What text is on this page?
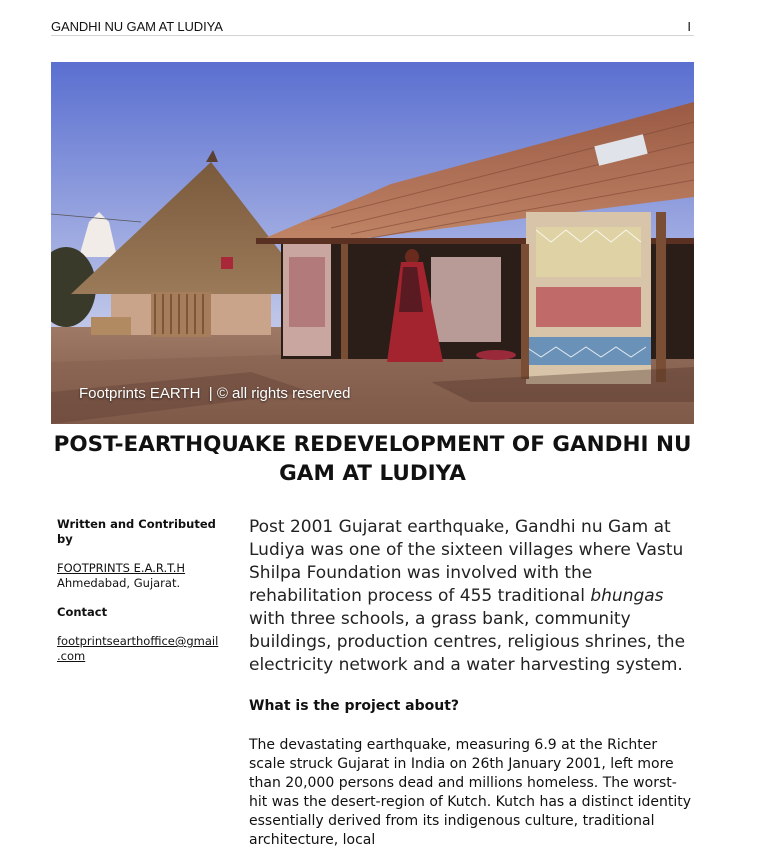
GANDHI NU GAM AT LUDIYA	I
Footprints EARTH  | © all rights reserved
POST-EARTHQUAKE REDEVELOPMENT OF GANDHI NU GAM AT LUDIYA
Written and Contributed by
FOOTPRINTS E.A.R.T.H
Ahmedabad, Gujarat.
Contact
footprintsearthoffice@gmail
.com

Post 2001 Gujarat earthquake, Gandhi nu Gam at Ludiya was one of the sixteen villages where Vastu Shilpa Foundation was involved with the rehabilitation process of 455 traditional bhungas with three schools, a grass bank, community buildings, production centres, religious shrines, the electricity network and a water harvesting system.

What is the project about?

The devastating earthquake, measuring 6.9 at the Richter scale struck Gujarat in India on 26th January 2001, left more than 20,000 persons dead and millions homeless. The worst-hit was the desert-region of Kutch. Kutch has a distinct identity essentially derived from its indigenous culture, traditional architecture, local
